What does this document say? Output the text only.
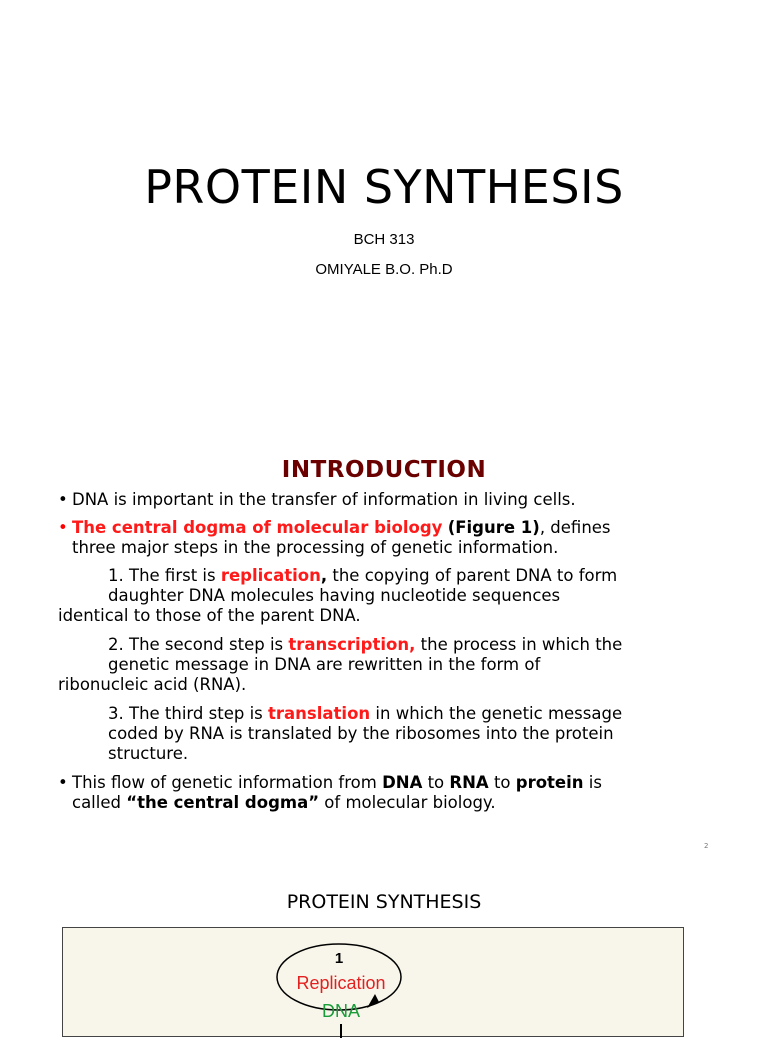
PROTEIN SYNTHESIS
BCH 313
OMIYALE B.O. Ph.D
INTRODUCTION
• DNA is important in the transfer of information in living cells.
• The central dogma of molecular biology (Figure 1), defines
three major steps in the processing of genetic information.
1. The first is replication, the copying of parent DNA to form
daughter DNA molecules having nucleotide sequences
identical to those of the parent DNA.
2. The second step is transcription, the process in which the
genetic message in DNA are rewritten in the form of
ribonucleic acid (RNA).
3. The third step is translation in which the genetic message
coded by RNA is translated by the ribosomes into the protein
structure.
• This flow of genetic information from DNA to RNA to protein is
called “the central dogma” of molecular biology.
2
PROTEIN SYNTHESIS
1
Replication
DNA
